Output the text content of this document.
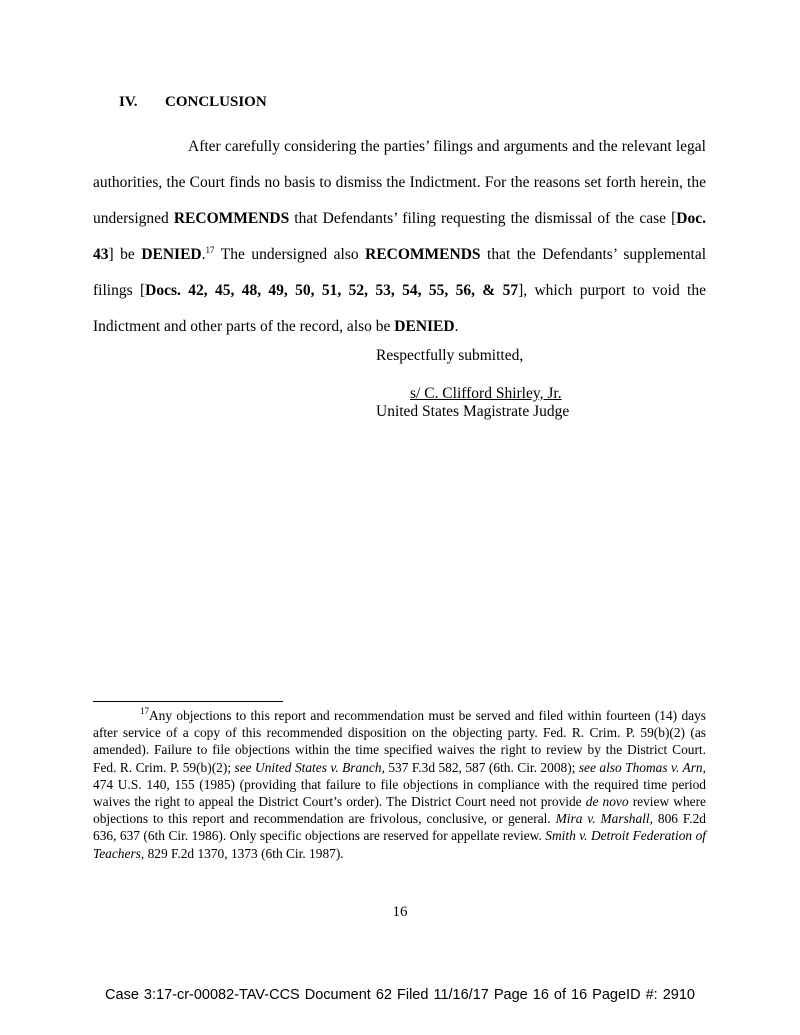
IV. CONCLUSION

After carefully considering the parties’ filings and arguments and the relevant legal authorities, the Court finds no basis to dismiss the Indictment. For the reasons set forth herein, the undersigned RECOMMENDS that Defendants’ filing requesting the dismissal of the case [Doc. 43] be DENIED.$^{17}$ The undersigned also RECOMMENDS that the Defendants’ supplemental filings [Docs. 42, 45, 48, 49, 50, 51, 52, 53, 54, 55, 56, & 57], which purport to void the Indictment and other parts of the record, also be DENIED.

Respectfully submitted,
s/ C. Clifford Shirley, Jr.
United States Magistrate Judge

$^{17}$Any objections to this report and recommendation must be served and filed within fourteen (14) days after service of a copy of this recommended disposition on the objecting party. Fed. R. Crim. P. 59(b)(2) (as amended). Failure to file objections within the time specified waives the right to review by the District Court. Fed. R. Crim. P. 59(b)(2); see United States v. Branch, 537 F.3d 582, 587 (6th. Cir. 2008); see also Thomas v. Arn, 474 U.S. 140, 155 (1985) (providing that failure to file objections in compliance with the required time period waives the right to appeal the District Court’s order). The District Court need not provide de novo review where objections to this report and recommendation are frivolous, conclusive, or general. Mira v. Marshall, 806 F.2d 636, 637 (6th Cir. 1986). Only specific objections are reserved for appellate review. Smith v. Detroit Federation of Teachers, 829 F.2d 1370, 1373 (6th Cir. 1987).

16
Case 3:17-cr-00082-TAV-CCS Document 62 Filed 11/16/17 Page 16 of 16 PageID #: 2910
